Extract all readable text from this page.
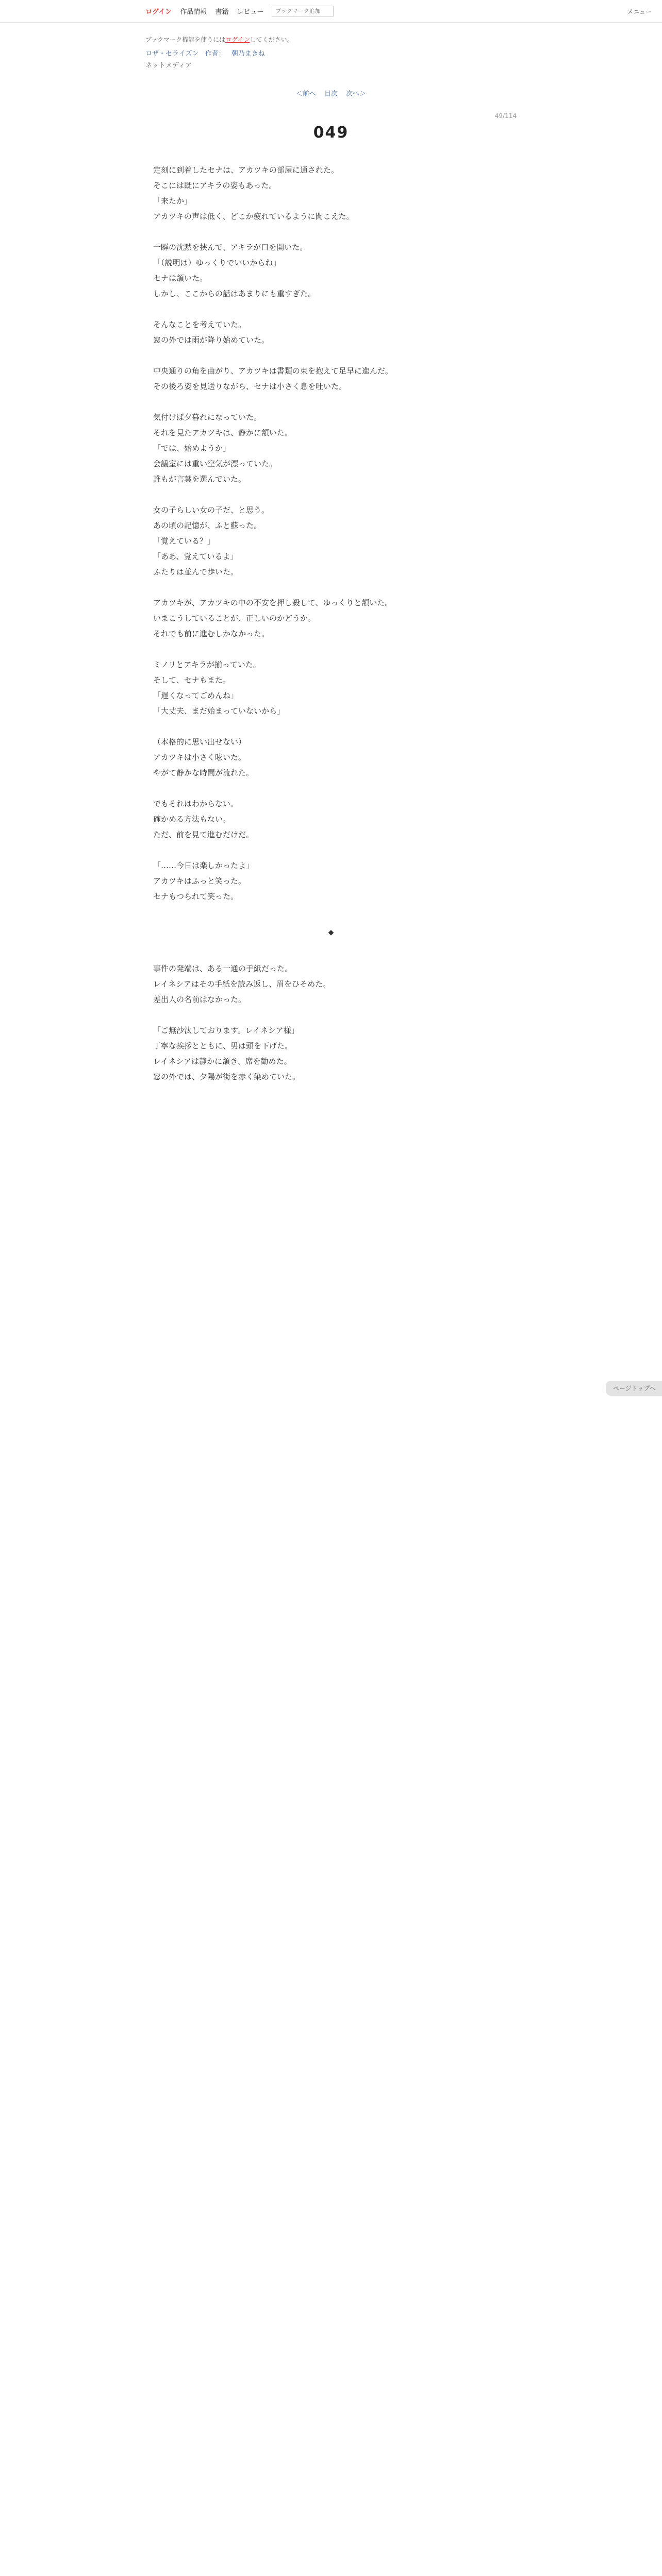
ログイン 作品情報 書籍 レビュー
ブックマーク追加	メニュー
ブックマーク機能を使うにはログインしてください。
ロザ・セライズン 作者： 朝乃まきね
ネットメディア
＜前へ 目次 次へ＞
49/114
049

定刻に到着したセナは、アカツキの部屋に通された。

そこには既にアキラの姿もあった。

「来たか」

アカツキの声は低く、どこか疲れているように聞こえた。

一瞬の沈黙を挟んで、アキラが口を開いた。

「（説明は）ゆっくりでいいからね」

セナは頷いた。

しかし、ここからの話はあまりにも重すぎた。

そんなことを考えていた。

窓の外では雨が降り始めていた。

中央通りの角を曲がり、アカツキは書類の束を抱えて足早に進んだ。

その後ろ姿を見送りながら、セナは小さく息を吐いた。

気付けば夕暮れになっていた。

それを見たアカツキは、静かに頷いた。

「では、始めようか」

会議室には重い空気が漂っていた。

誰もが言葉を選んでいた。

女の子らしい女の子だ、と思う。

あの頃の記憶が、ふと蘇った。

「覚えている？」

「ああ、覚えているよ」

ふたりは並んで歩いた。

アカツキが、アカツキの中の不安を押し殺して、ゆっくりと頷いた。

いまこうしていることが、正しいのかどうか。

それでも前に進むしかなかった。

ミノリとアキラが揃っていた。

そして、セナもまた。

「遅くなってごめんね」

「大丈夫、まだ始まっていないから」

（本格的に思い出せない）

アカツキは小さく呟いた。

やがて静かな時間が流れた。

でもそれはわからない。

確かめる方法もない。

ただ、前を見て進むだけだ。

「……今日は楽しかったよ」

アカツキはふっと笑った。

セナもつられて笑った。

◆

事件の発端は、ある一通の手紙だった。

レイネシアはその手紙を読み返し、眉をひそめた。

差出人の名前はなかった。

「ご無沙汰しております。レイネシア様」

丁寧な挨拶とともに、男は頭を下げた。

レイネシアは静かに頷き、席を勧めた。

窓の外では、夕陽が街を赤く染めていた。

ページトップへ
